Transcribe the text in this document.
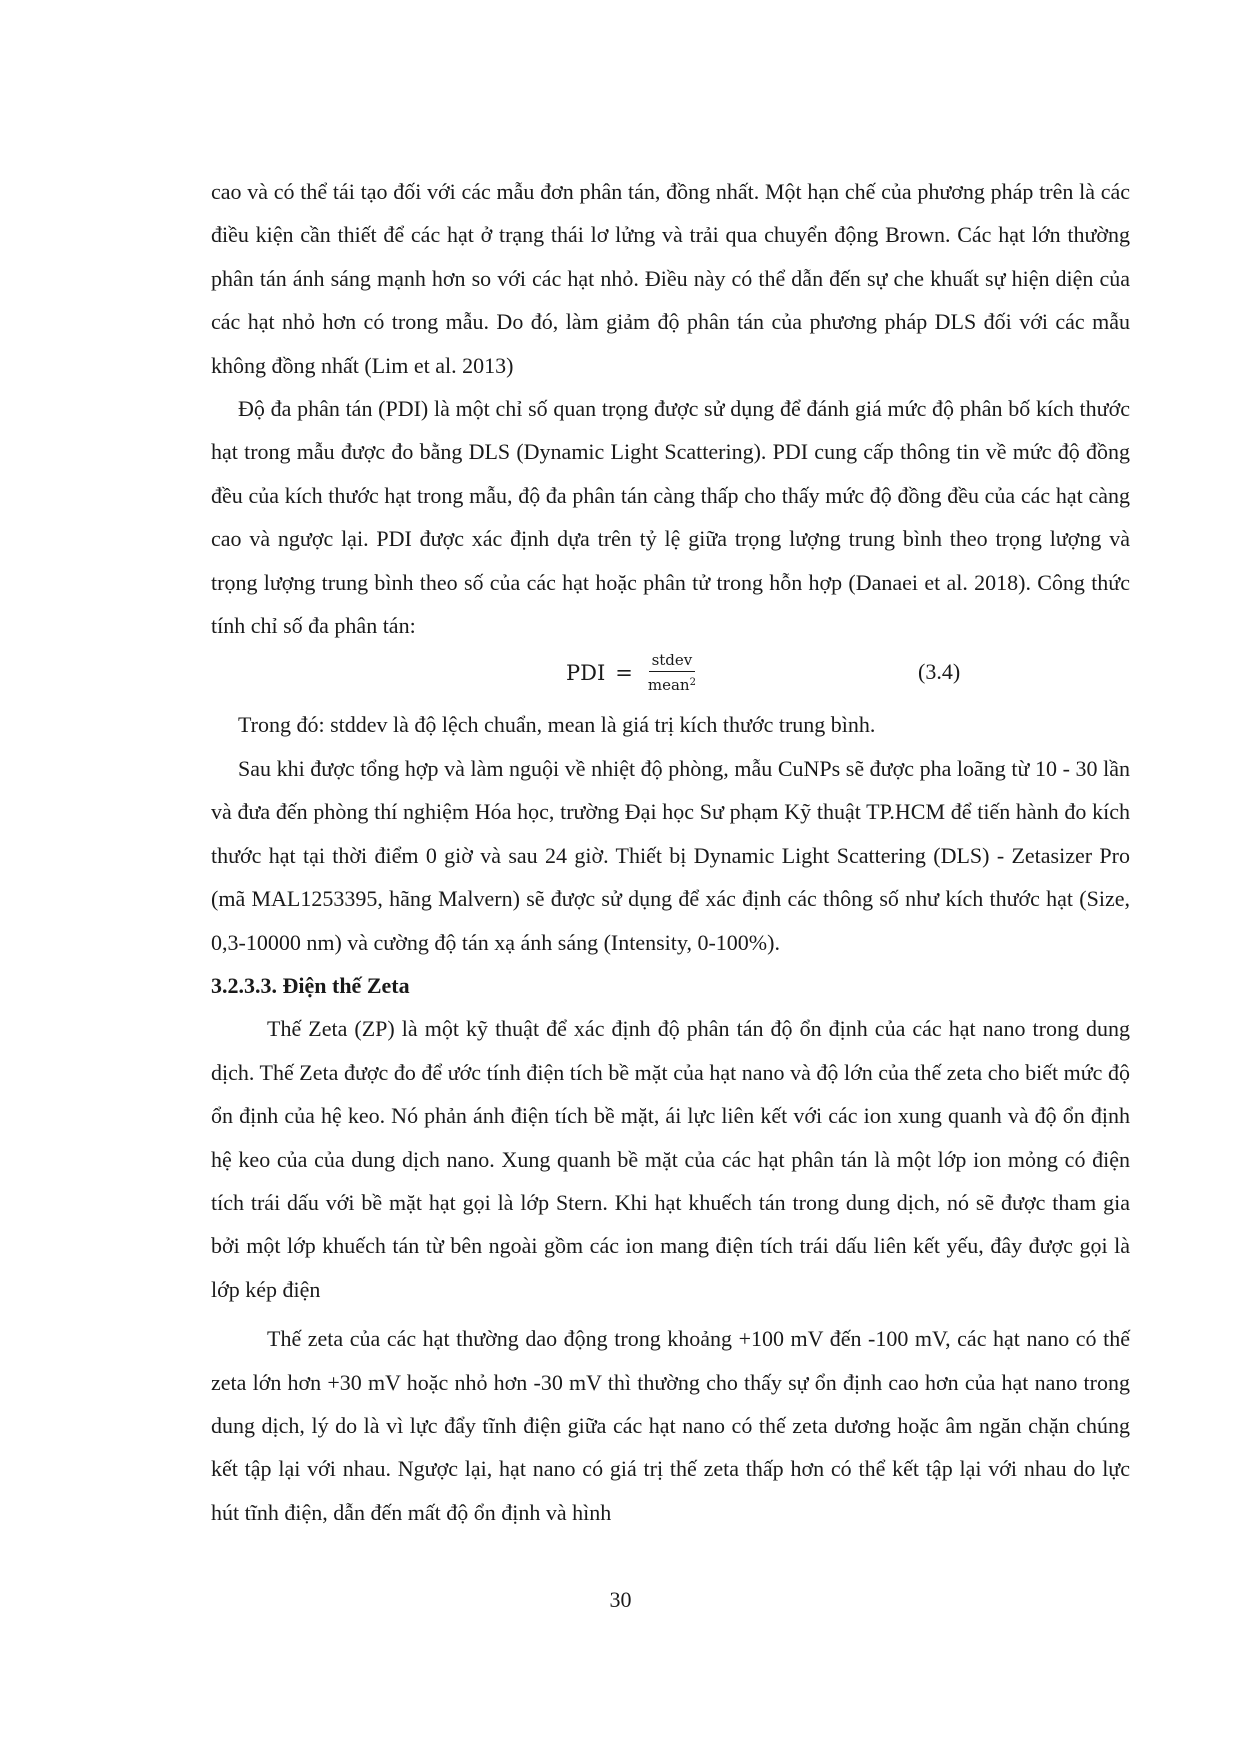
cao và có thể tái tạo đối với các mẫu đơn phân tán, đồng nhất. Một hạn chế của phương pháp trên là các điều kiện cần thiết để các hạt ở trạng thái lơ lửng và trải qua chuyển động Brown. Các hạt lớn thường phân tán ánh sáng mạnh hơn so với các hạt nhỏ. Điều này có thể dẫn đến sự che khuất sự hiện diện của các hạt nhỏ hơn có trong mẫu. Do đó, làm giảm độ phân tán của phương pháp DLS đối với các mẫu không đồng nhất (Lim et al. 2013)

Độ đa phân tán (PDI) là một chỉ số quan trọng được sử dụng để đánh giá mức độ phân bố kích thước hạt trong mẫu được đo bằng DLS (Dynamic Light Scattering). PDI cung cấp thông tin về mức độ đồng đều của kích thước hạt trong mẫu, độ đa phân tán càng thấp cho thấy mức độ đồng đều của các hạt càng cao và ngược lại. PDI được xác định dựa trên tỷ lệ giữa trọng lượng trung bình theo trọng lượng và trọng lượng trung bình theo số của các hạt hoặc phân tử trong hỗn hợp (Danaei et al. 2018). Công thức tính chỉ số đa phân tán:

PDI = $\frac{\text{stdev}}{mean^2}$	(3.4)

Trong đó: stddev là độ lệch chuẩn, mean là giá trị kích thước trung bình.

Sau khi được tổng hợp và làm nguội về nhiệt độ phòng, mẫu CuNPs sẽ được pha loãng từ 10 - 30 lần và đưa đến phòng thí nghiệm Hóa học, trường Đại học Sư phạm Kỹ thuật TP.HCM để tiến hành đo kích thước hạt tại thời điểm 0 giờ và sau 24 giờ. Thiết bị Dynamic Light Scattering (DLS) - Zetasizer Pro (mã MAL1253395, hãng Malvern) sẽ được sử dụng để xác định các thông số như kích thước hạt (Size, 0,3-10000 nm) và cường độ tán xạ ánh sáng (Intensity, 0-100%).

3.2.3.3. Điện thế Zeta

Thế Zeta (ZP) là một kỹ thuật để xác định độ phân tán độ ổn định của các hạt nano trong dung dịch. Thế Zeta được đo để ước tính điện tích bề mặt của hạt nano và độ lớn của thế zeta cho biết mức độ ổn định của hệ keo. Nó phản ánh điện tích bề mặt, ái lực liên kết với các ion xung quanh và độ ổn định hệ keo của của dung dịch nano. Xung quanh bề mặt của các hạt phân tán là một lớp ion mỏng có điện tích trái dấu với bề mặt hạt gọi là lớp Stern. Khi hạt khuếch tán trong dung dịch, nó sẽ được tham gia bởi một lớp khuếch tán từ bên ngoài gồm các ion mang điện tích trái dấu liên kết yếu, đây được gọi là lớp kép điện

Thế zeta của các hạt thường dao động trong khoảng +100 mV đến -100 mV, các hạt nano có thế zeta lớn hơn +30 mV hoặc nhỏ hơn -30 mV thì thường cho thấy sự ổn định cao hơn của hạt nano trong dung dịch, lý do là vì lực đẩy tĩnh điện giữa các hạt nano có thế zeta dương hoặc âm ngăn chặn chúng kết tập lại với nhau. Ngược lại, hạt nano có giá trị thế zeta thấp hơn có thể kết tập lại với nhau do lực hút tĩnh điện, dẫn đến mất độ ổn định và hình

30
